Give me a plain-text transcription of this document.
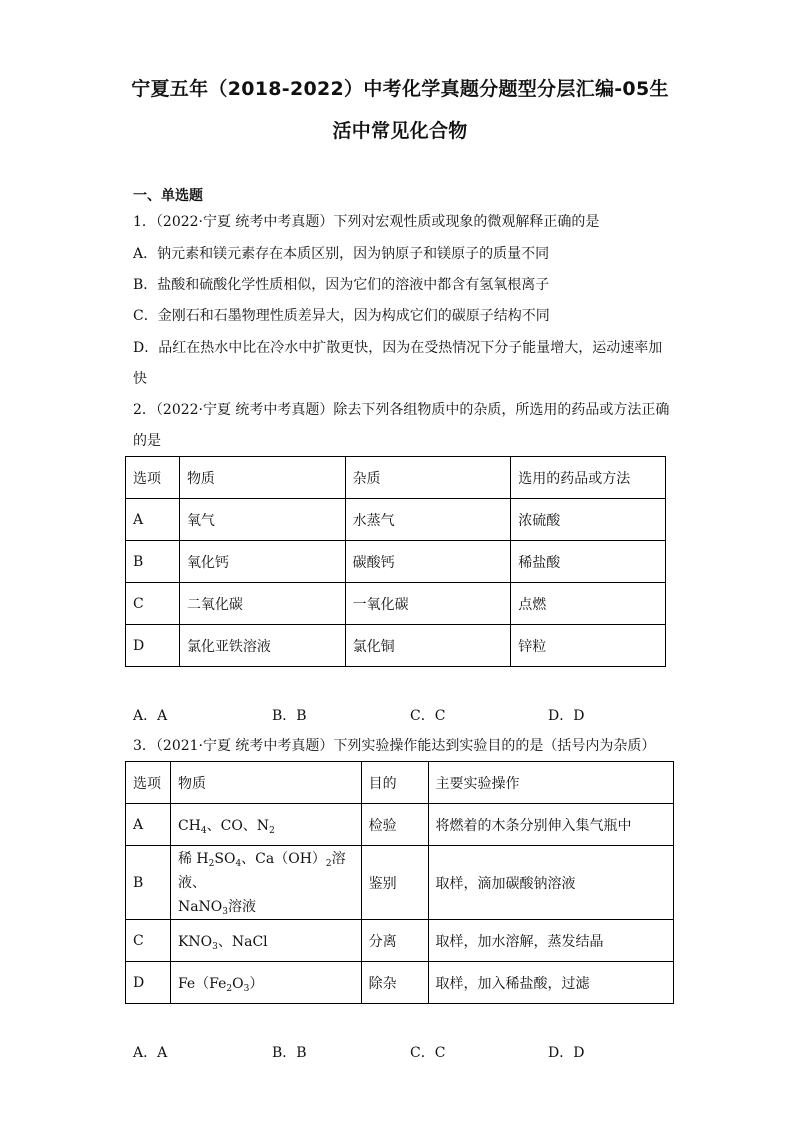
宁夏五年（2018-2022）中考化学真题分题型分层汇编-05生
活中常见化合物
一、单选题
1．（2022·宁夏 统考中考真题）下列对宏观性质或现象的微观解释正确的是
A．钠元素和镁元素存在本质区别，因为钠原子和镁原子的质量不同
B．盐酸和硫酸化学性质相似，因为它们的溶液中都含有氢氧根离子
C．金刚石和石墨物理性质差异大，因为构成它们的碳原子结构不同
D．品红在热水中比在冷水中扩散更快，因为在受热情况下分子能量增大，运动速率加
快
2．（2022·宁夏 统考中考真题）除去下列各组物质中的杂质，所选用的药品或方法正确
的是
选项	物质	杂质	选用的药品或方法
A	氧气	水蒸气	浓硫酸
B	氧化钙	碳酸钙	稀盐酸
C	二氧化碳	一氧化碳	点燃
D	氯化亚铁溶液	氯化铜	锌粒
A．A	B．B	C．C	D．D
3．（2021·宁夏 统考中考真题）下列实验操作能达到实验目的的是（括号内为杂质）
选项	物质	目的	主要实验操作
A	$CH_4$、CO、$N_2$	检验	将燃着的木条分别伸入集气瓶中
B	稀 $H_2SO_4$、$Ca(OH)_2$溶液、
NaNO$_3$溶液	鉴别	取样，滴加碳酸钠溶液
C	$KNO_3$、NaCl	分离	取样，加水溶解，蒸发结晶
D	$Fe(Fe_2O_3)$	除杂	取样，加入稀盐酸，过滤
A．A	B．B	C．C	D．D
